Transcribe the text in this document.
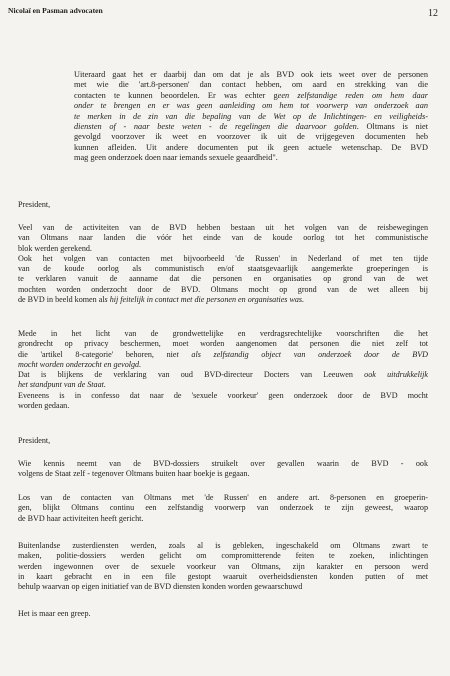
Nicolaï en Pasman advocaten	12
Uiteraard gaat het er daarbij dan om dat je als BVD ook iets weet over de personen
met wie die 'art.8-personen' dan contact hebben, om aard en strekking van die
contacten te kunnen beoordelen. Er was echter geen zelfstandige reden om hem daar
onder te brengen en er was geen aanleiding om hem tot voorwerp van onderzoek aan
te merken in de zin van die bepaling van de Wet op de Inlichtingen- en veiligheids-
diensten of - naar beste weten - de regelingen die daarvoor golden. Oltmans is niet
gevolgd voorzover ik weet en voorzover ik uit de vrijgegeven documenten heb
kunnen afleiden. Uit andere documenten put ik geen actuele wetenschap. De BVD
mag geen onderzoek doen naar iemands sexuele geaardheid".
President,
Veel van de activiteiten van de BVD hebben bestaan uit het volgen van de reisbewegingen
van Oltmans naar landen die vóór het einde van de koude oorlog tot het communistische
blok werden gerekend.
Ook het volgen van contacten met bijvoorbeeld 'de Russen' in Nederland of met ten tijde
van de koude oorlog als communistisch en/of staatsgevaarlijk aangemerkte groeperingen is
te verklaren vanuit de aanname dat die personen en organisaties op grond van de wet
mochten worden onderzocht door de BVD. Oltmans mocht op grond van de wet alleen bij
de BVD in beeld komen als hij feitelijk in contact met die personen en organisaties was.
Mede in het licht van de grondwettelijke en verdragsrechtelijke voorschriften die het
grondrecht op privacy beschermen, moet worden aangenomen dat personen die niet zelf tot
die 'artikel 8-categorie' behoren, niet als zelfstandig object van onderzoek door de BVD
mocht worden onderzocht en gevolgd.
Dat is blijkens de verklaring van oud BVD-directeur Docters van Leeuwen ook uitdrukkelijk
het standpunt van de Staat.
Eveneens is in confesso dat naar de 'sexuele voorkeur' geen onderzoek door de BVD mocht
worden gedaan.
President,
Wie kennis neemt van de BVD-dossiers struikelt over gevallen waarin de BVD - ook
volgens de Staat zelf - tegenover Oltmans buiten haar boekje is gegaan.
Los van de contacten van Oltmans met 'de Russen' en andere art. 8-personen en groeperin-
gen, blijkt Oltmans continu een zelfstandig voorwerp van onderzoek te zijn geweest, waarop
de BVD haar activiteiten heeft gericht.
Buitenlandse zusterdiensten werden, zoals al is gebleken, ingeschakeld om Oltmans zwart te
maken, politie-dossiers werden gelicht om compromitterende feiten te zoeken, inlichtingen
werden ingewonnen over de sexuele voorkeur van Oltmans, zijn karakter en persoon werd
in kaart gebracht en in een file gestopt waaruit overheidsdiensten konden putten of met
behulp waarvan op eigen initiatief van de BVD diensten konden worden gewaarschuwd
Het is maar een greep.
